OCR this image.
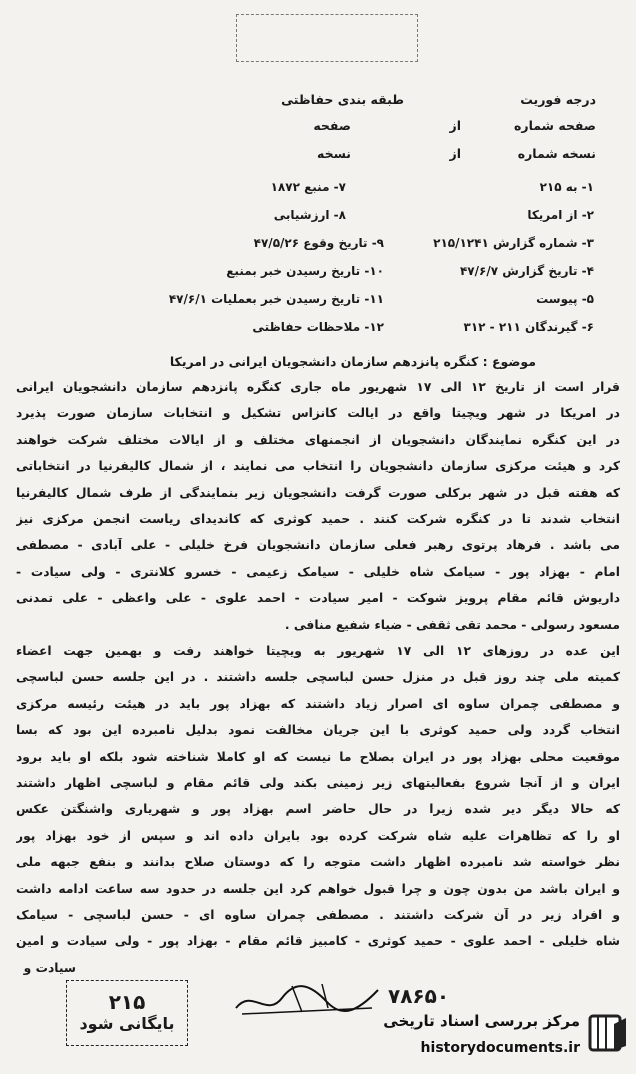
طبقه بندی حفاظتی	درجه فوریت
صفحه شماره
از
صفحه
نسخه شماره
از
نسخه
۱- به ۲۱۵
۲- از امریکا
۳- شماره گزارش ۲۱۵/۱۲۴۱
۴- تاریخ گزارش ۴۷/۶/۷
۵- پیوست
۶- گیرندگان ۲۱۱ - ۳۱۲
۷- منبع ۱۸۷۲
۸- ارزشیابی
۹- تاریخ وقوع ۴۷/۵/۲۶
۱۰- تاریخ رسیدن خبر بمنبع
۱۱- تاریخ رسیدن خبر بعملیات ۴۷/۶/۱
۱۲- ملاحظات حفاظتی
موضوع : کنگره پانزدهم سازمان دانشجویان ایرانی در امریکا
قرار است از تاریخ ۱۲ الی ۱۷ شهریور ماه جاری کنگره پانزدهم سازمان دانشجویان ایرانی
در امریکا در شهر ویچیتا واقع در ایالت کانزاس تشکیل و انتخابات سازمان صورت پذیرد
در این کنگره نمایندگان دانشجویان از انجمنهای مختلف و از ایالات مختلف شرکت خواهند
کرد و هیئت مرکزی سازمان دانشجویان را انتخاب می نمایند ، از شمال کالیفرنیا در انتخاباتی
که هفته قبل در شهر برکلی صورت گرفت دانشجویان زیر بنمایندگی از طرف شمال کالیفرنیا
انتخاب شدند تا در کنگره شرکت کنند . حمید کوثری که کاندیدای ریاست انجمن مرکزی نیز
می باشد . فرهاد پرتوی رهبر فعلی سازمان دانشجویان فرخ خلیلی - علی آبادی - مصطفی
امام - بهزاد پور - سیامک شاه خلیلی - سیامک زعیمی - خسرو کلانتری - ولی سیادت -
داریوش قائم مقام پرویز شوکت - امیر سیادت - احمد علوی - علی واعظی - علی تمدنی
مسعود رسولی - محمد تقی ثقفی - ضیاء شفیع منافی .
این عده در روزهای ۱۲ الی ۱۷ شهریور به ویچیتا خواهند رفت و بهمین جهت اعضاء
کمیته ملی چند روز قبل در منزل حسن لباسچی جلسه داشتند . در این جلسه حسن لباسچی
و مصطفی چمران ساوه ای اصرار زیاد داشتند که بهزاد پور باید در هیئت رئیسه مرکزی
انتخاب گردد ولی حمید کوثری با این جریان مخالفت نمود بدلیل نامبرده این بود که بسا
موقعیت محلی بهزاد پور در ایران بصلاح ما نیست که او کاملا شناخته شود بلکه او باید برود
ایران و از آنجا شروع بفعالیتهای زیر زمینی بکند ولی قائم مقام و لباسچی اظهار داشتند
که حالا دیگر دیر شده زیرا در حال حاضر اسم بهزاد پور و شهریاری واشنگتن عکس
او را که تظاهرات علیه شاه شرکت کرده بود بایران داده اند و سپس از خود بهزاد پور
نظر خواسته شد نامبرده اظهار داشت متوجه را که دوستان صلاح بدانند و بنفع جبهه ملی
و ایران باشد من بدون چون و چرا قبول خواهم کرد این جلسه در حدود سه ساعت ادامه داشت
و افراد زیر در آن شرکت داشتند . مصطفی چمران ساوه ای - حسن لباسچی - سیامک
شاه خلیلی - احمد علوی - حمید کوثری - کامبیز قائم مقام - بهزاد پور - ولی سیادت و امین
سیادت و
۲۱۵
بایگانی شود
۷۸۶۵۰
مرکز بررسی اسناد تاریخی
historydocuments.ir
